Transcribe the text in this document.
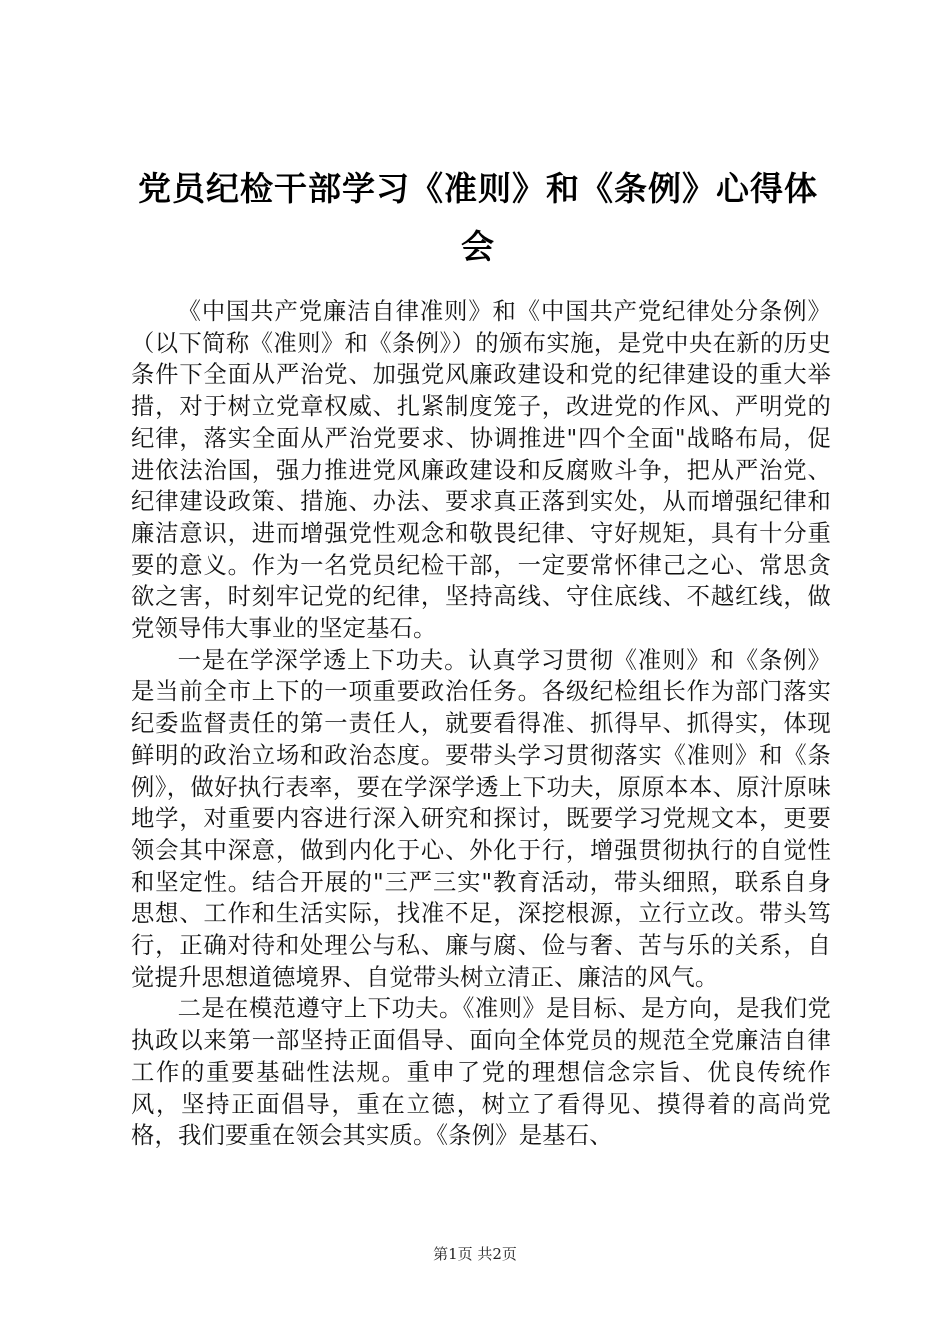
党员纪检干部学习《准则》和《条例》心得体会

《中国共产党廉洁自律准则》和《中国共产党纪律处分条例》（以下简称《准则》和《条例》）的颁布实施，是党中央在新的历史条件下全面从严治党、加强党风廉政建设和党的纪律建设的重大举措，对于树立党章权威、扎紧制度笼子，改进党的作风、严明党的纪律，落实全面从严治党要求、协调推进"四个全面"战略布局，促进依法治国，强力推进党风廉政建设和反腐败斗争，把从严治党、纪律建设政策、措施、办法、要求真正落到实处，从而增强纪律和廉洁意识，进而增强党性观念和敬畏纪律、守好规矩，具有十分重要的意义。作为一名党员纪检干部，一定要常怀律己之心、常思贪欲之害，时刻牢记党的纪律，坚持高线、守住底线、不越红线，做党领导伟大事业的坚定基石。

一是在学深学透上下功夫。认真学习贯彻《准则》和《条例》是当前全市上下的一项重要政治任务。各级纪检组长作为部门落实纪委监督责任的第一责任人，就要看得准、抓得早、抓得实，体现鲜明的政治立场和政治态度。要带头学习贯彻落实《准则》和《条例》，做好执行表率，要在学深学透上下功夫，原原本本、原汁原味地学，对重要内容进行深入研究和探讨，既要学习党规文本，更要领会其中深意，做到内化于心、外化于行，增强贯彻执行的自觉性和坚定性。结合开展的"三严三实"教育活动，带头细照，联系自身思想、工作和生活实际，找准不足，深挖根源，立行立改。带头笃行，正确对待和处理公与私、廉与腐、俭与奢、苦与乐的关系，自觉提升思想道德境界、自觉带头树立清正、廉洁的风气。

二是在模范遵守上下功夫。《准则》是目标、是方向，是我们党执政以来第一部坚持正面倡导、面向全体党员的规范全党廉洁自律工作的重要基础性法规。重申了党的理想信念宗旨、优良传统作风，坚持正面倡导，重在立德，树立了看得见、摸得着的高尚党格，我们要重在领会其实质。《条例》是基石、

第1页 共2页
